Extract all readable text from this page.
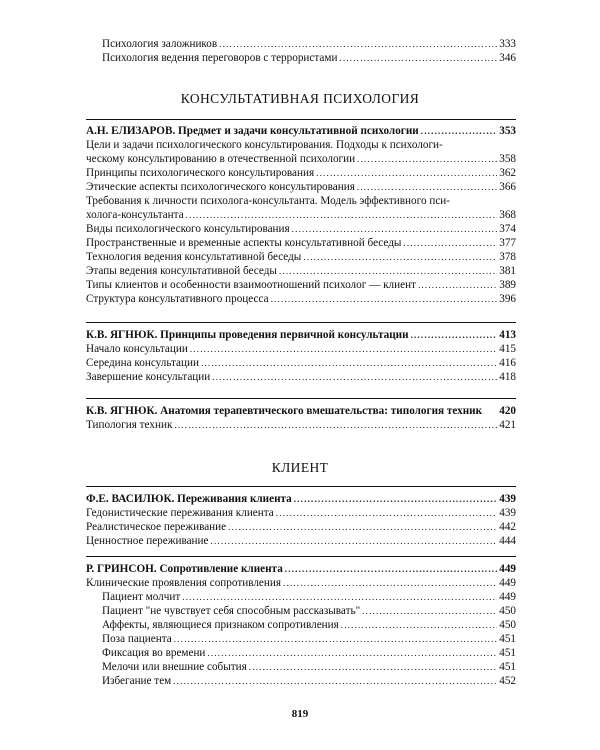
Психология заложников .....	333
Психология ведения переговоров с террористами .....	346
КОНСУЛЬТАТИВНАЯ ПСИХОЛОГИЯ
А.Н. ЕЛИЗАРОВ. Предмет и задачи консультативной психологии .....	353
Цели и задачи психологического консультирования. Подходы к психологи-
ческому консультированию в отечественной психологии .....	358
Принципы психологического консультирования .....	362
Этические аспекты психологического консультирования .....	366
Требования к личности психолога-консультанта. Модель эффективного пси-
холога-консультанта .....	368
Виды психологического консультирования .....	374
Пространственные и временные аспекты консультативной беседы .....	377
Технология ведения консультативной беседы .....	378
Этапы ведения консультативной беседы .....	381
Типы клиентов и особенности взаимоотношений психолог — клиент .....	389
Структура консультативного процесса .....	396
К.В. ЯГНЮК. Принципы проведения первичной консультации .....	413
Начало консультации .....	415
Середина консультации .....	416
Завершение консультации .....	418
К.В. ЯГНЮК. Анатомия терапевтического вмешательства: типология техник 420
Типология техник .....	421
КЛИЕНТ
Ф.Е. ВАСИЛЮК. Переживания клиента .....	439
Гедонистические переживания клиента .....	439
Реалистическое переживание .....	442
Ценностное переживание .....	444
Р. ГРИНСОН. Сопротивление клиента .....	449
Клинические проявления сопротивления .....	449
Пациент молчит .....	449
Пациент "не чувствует себя способным рассказывать" .....	450
Аффекты, являющиеся признаком сопротивления .....	450
Поза пациента .....	451
Фиксация во времени .....	451
Мелочи или внешние события .....	451
Избегание тем .....	452
819
